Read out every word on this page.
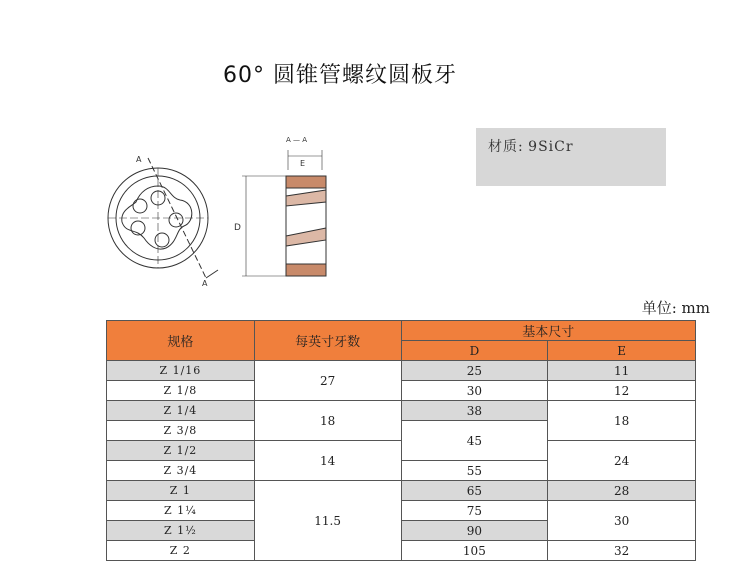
60° 圆锥管螺纹圆板牙
A
A
A — A
E
D
材质: 9SiCr
单位: mm
规格	每英寸牙数	基本尺寸	
		D	E
Z 1/16	27	25	11
Z 1/8		30	12
Z 1/4	18	38	18
Z 3/8		45	
Z 1/2	14		24
Z 3/4		55	
Z 1	11.5	65	28
Z 1¼		75	30
Z 1½		90	
Z 2		105	32
